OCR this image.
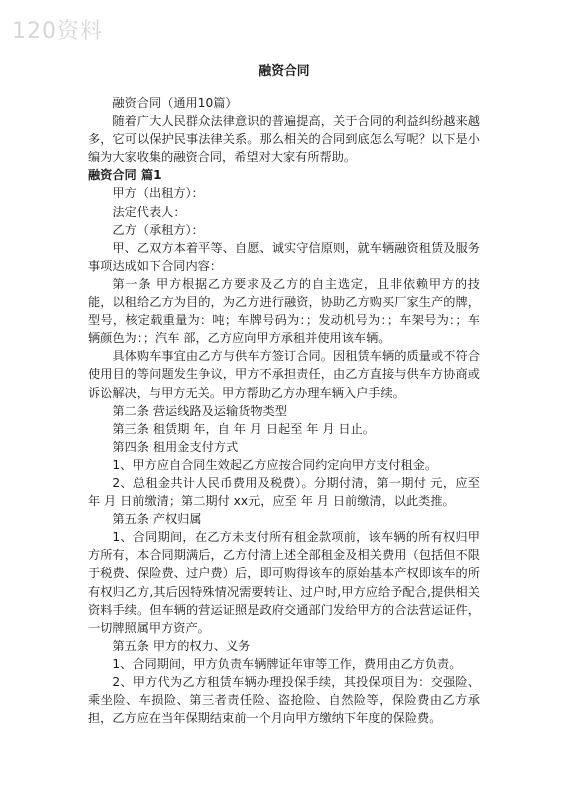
120资料
融资合同

融资合同（通用10篇）

随着广大人民群众法律意识的普遍提高，关于合同的利益纠纷越来越多，它可以保护民事法律关系。那么相关的合同到底怎么写呢？以下是小编为大家收集的融资合同，希望对大家有所帮助。

融资合同 篇1

甲方（出租方）：

法定代表人：

乙方（承租方）：

甲、乙双方本着平等、自愿、诚实守信原则，就车辆融资租赁及服务事项达成如下合同内容：

第一条 甲方根据乙方要求及乙方的自主选定，且非依赖甲方的技能，以租给乙方为目的，为乙方进行融资，协助乙方购买厂家生产的牌，型号，核定载重量为：吨；车牌号码为：；发动机号为：；车架号为：；车辆颜色为：；汽车 部，乙方应向甲方承租并使用该车辆。

具体购车事宜由乙方与供车方签订合同。因租赁车辆的质量或不符合使用目的等问题发生争议，甲方不承担责任，由乙方直接与供车方协商或诉讼解决，与甲方无关。甲方帮助乙方办理车辆入户手续。

第二条 营运线路及运输货物类型

第三条 租赁期 年，自 年 月 日起至 年 月 日止。

第四条 租用金支付方式

1、甲方应自合同生效起乙方应按合同约定向甲方支付租金。

2、总租金共计人民币费用及税费）。分期付清，第一期付 元，应至 年 月 日前缴清；第二期付 xx元，应至 年 月 日前缴清，以此类推。

第五条 产权归属

1、合同期间，在乙方未支付所有租金款项前，该车辆的所有权归甲方所有，本合同期满后，乙方付清上述全部租金及相关费用（包括但不限于税费、保险费、过户费）后，即可购得该车的原始基本产权即该车的所有权归乙方,其后因特殊情况需要转让、过户时,甲方应给予配合,提供相关资料手续。但车辆的营运证照是政府交通部门发给甲方的合法营运证件，一切牌照属甲方资产。

第五条 甲方的权力、义务

1、合同期间，甲方负责车辆牌证年审等工作，费用由乙方负责。

2、甲方代为乙方租赁车辆办理投保手续，其投保项目为：交强险、乘坐险、车损险、第三者责任险、盗抢险、自然险等，保险费由乙方承担，乙方应在当年保期结束前一个月向甲方缴纳下年度的保险费。
